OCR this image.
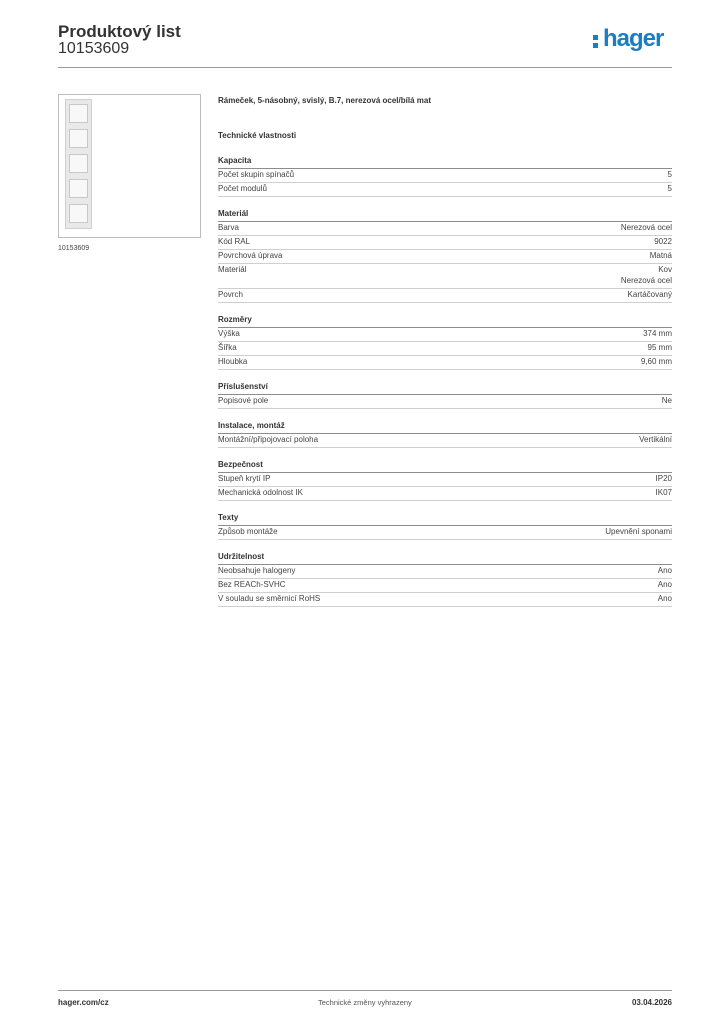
Produktový list
10153609	hager
10153609
Rámeček, 5-násobný, svislý, B.7, nerezová ocel/bílá mat
Technické vlastnosti
Kapacita
Počet skupin spínačů	5
Počet modulů	5
Materiál
Barva	Nerezová ocel
Kód RAL	9022
Povrchová úprava	Matná
Materiál	Kov
Nerezová ocel
Povrch	Kartáčovaný
Rozměry
Výška	374 mm
Šířka	95 mm
Hloubka	9,60 mm
Příslušenství
Popisové pole	Ne
Instalace, montáž
Montážní/připojovací poloha	Vertikální
Bezpečnost
Stupeň krytí IP	IP20
Mechanická odolnost IK	IK07
Texty
Způsob montáže	Upevnění sponami
Udržitelnost
Neobsahuje halogeny	Ano
Bez REACh-SVHC	Ano
V souladu se směrnicí RoHS	Ano
hager.com/cz	Technické změny vyhrazeny	03.04.2026
